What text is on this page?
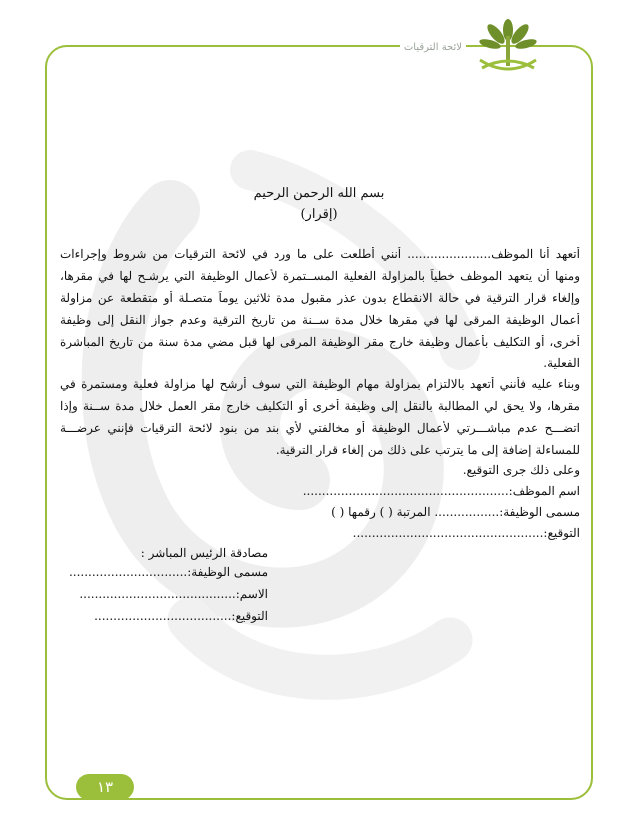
لائحة الترقيات
بسم الله الرحمن الرحيم
(إقرار)
أتعهد أنا الموظف...................... أنني أطلعت على ما ورد في لائحة الترقيات من شروط وإجراءات
ومنها أن يتعهد الموظف خطياً بالمزاولة الفعلية المســتمرة لأعمال الوظيفة التي يرشـح لها في مقرها،
وإلغاء قرار الترقية في حالة الانقطاع بدون عذر مقبول مدة ثلاثين يوماً متصـلة أو متقطعة عن مزاولة
أعمال الوظيفة المرقى لها في مقرها خلال مدة ســنة من تاريخ الترقية وعدم جواز النقل إلى وظيفة
أخرى، أو التكليف بأعمال وظيفة خارج مقر الوظيفة المرقى لها قبل مضي مدة سنة من تاريخ المباشرة
الفعلية.
وبناء عليه فأنني أتعهد بالالتزام بمزاولة مهام الوظيفة التي سوف أرشح لها مزاولة فعلية ومستمرة في
مقرها، ولا يحق لي المطالبة بالنقل إلى وظيفة أخرى أو التكليف خارج مقر العمل خلال مدة ســنة وإذا
اتضـــح عدم مباشـــرتي لأعمال الوظيفة أو مخالفتي لأي بند من بنود لائحة الترقيات فإنني عرضـــة
للمساءلة إضافة إلى ما يترتب على ذلك من إلغاء قرار الترقية.
وعلى ذلك جرى التوقيع.
اسم الموظف:......................................................
مسمى الوظيفة:................. المرتبة ( ) رقمها ( )
التوقيع:..................................................
مصادقة الرئيس المباشر :
مسمى الوظيفة:...............................
الاسم:.........................................
التوقيع:....................................
١٣
